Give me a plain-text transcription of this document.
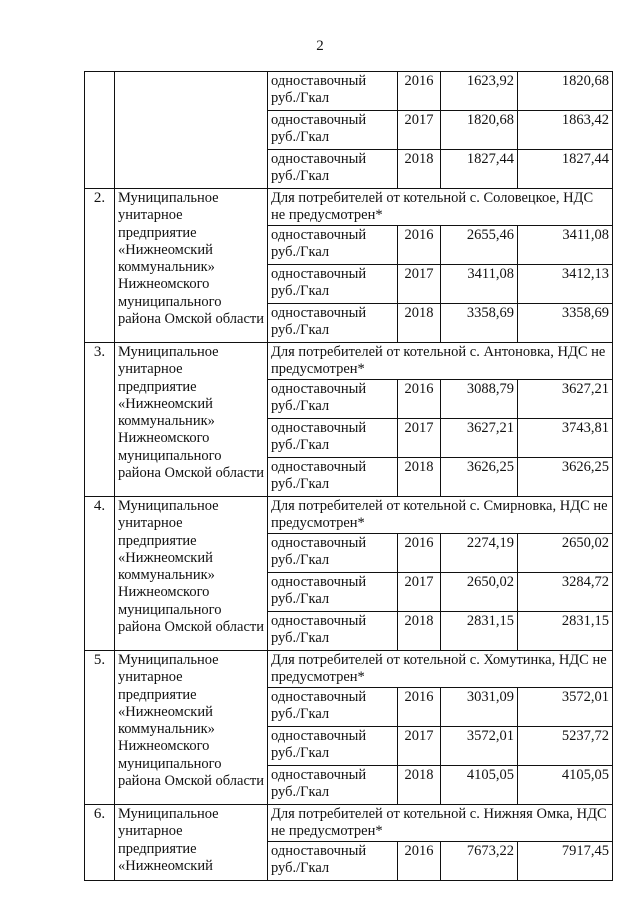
2
		одноставочный руб./Гкал	2016	1623,92	1820,68
		одноставочный руб./Гкал	2017	1820,68	1863,42
		одноставочный руб./Гкал	2018	1827,44	1827,44
2.	Муниципальное унитарное предприятие «Нижнеомский коммунальник» Нижнеомского муниципального района Омской области	Для потребителей от котельной с. Соловецкое, НДС не предусмотрен*			
		одноставочный руб./Гкал	2016	2655,46	3411,08
		одноставочный руб./Гкал	2017	3411,08	3412,13
		одноставочный руб./Гкал	2018	3358,69	3358,69
3.	Муниципальное унитарное предприятие «Нижнеомский коммунальник» Нижнеомского муниципального района Омской области	Для потребителей от котельной с. Антоновка, НДС не предусмотрен*			
		одноставочный руб./Гкал	2016	3088,79	3627,21
		одноставочный руб./Гкал	2017	3627,21	3743,81
		одноставочный руб./Гкал	2018	3626,25	3626,25
4.	Муниципальное унитарное предприятие «Нижнеомский коммунальник» Нижнеомского муниципального района Омской области	Для потребителей от котельной с. Смирновка, НДС не предусмотрен*			
		одноставочный руб./Гкал	2016	2274,19	2650,02
		одноставочный руб./Гкал	2017	2650,02	3284,72
		одноставочный руб./Гкал	2018	2831,15	2831,15
5.	Муниципальное унитарное предприятие «Нижнеомский коммунальник» Нижнеомского муниципального района Омской области	Для потребителей от котельной с. Хомутинка, НДС не предусмотрен*			
		одноставочный руб./Гкал	2016	3031,09	3572,01
		одноставочный руб./Гкал	2017	3572,01	5237,72
		одноставочный руб./Гкал	2018	4105,05	4105,05
6.	Муниципальное унитарное предприятие «Нижнеомский	Для потребителей от котельной с. Нижняя Омка, НДС не предусмотрен*			
		одноставочный руб./Гкал	2016	7673,22	7917,45
